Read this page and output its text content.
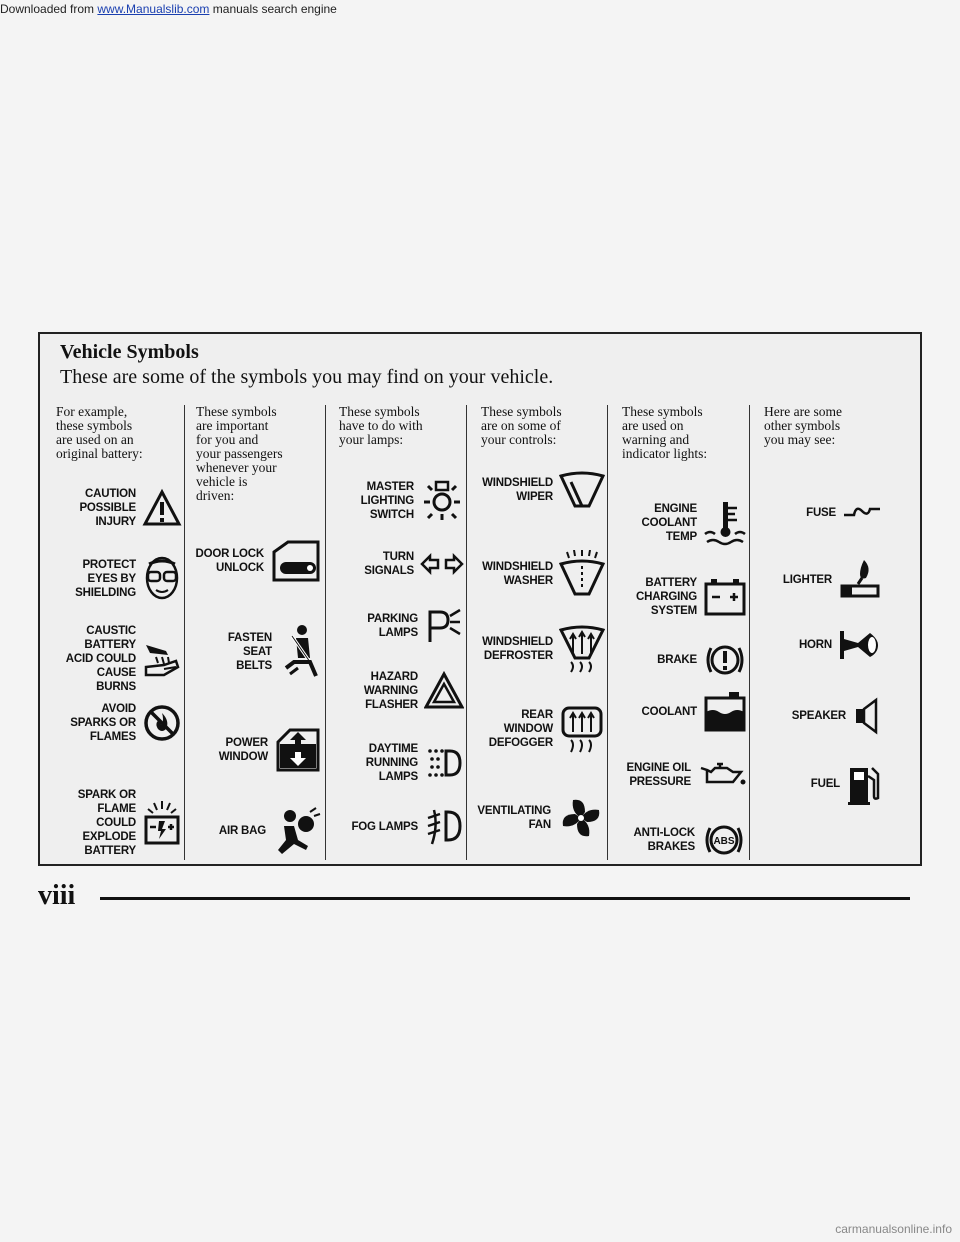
Downloaded from www.Manualslib.com manuals search engine
Vehicle Symbols
These are some of the symbols you may find on your vehicle.
For example,
these symbols
are used on an
original battery:
CAUTION
POSSIBLE
INJURY
PROTECT
EYES BY
SHIELDING
CAUSTIC
BATTERY
ACID COULD
CAUSE
BURNS
AVOID
SPARKS OR
FLAMES
SPARK OR
FLAME
COULD
EXPLODE
BATTERY
These symbols
are important
for you and
your passengers
whenever your
vehicle is
driven:
DOOR LOCK
UNLOCK
FASTEN
SEAT
BELTS
POWER
WINDOW
AIR BAG
These symbols
have to do with
your lamps:
MASTER
LIGHTING
SWITCH
TURN
SIGNALS
PARKING
LAMPS
HAZARD
WARNING
FLASHER
DAYTIME
RUNNING
LAMPS
FOG LAMPS
These symbols
are on some of
your controls:
WINDSHIELD
WIPER
WINDSHIELD
WASHER
WINDSHIELD
DEFROSTER
REAR
WINDOW
DEFOGGER
VENTILATING
FAN
These symbols
are used on
warning and
indicator lights:
ENGINE
COOLANT
TEMP
BATTERY
CHARGING
SYSTEM
BRAKE
COOLANT
ENGINE OIL
PRESSURE
ANTI-LOCK
BRAKES ABS
Here are some
other symbols
you may see:
FUSE
LIGHTER
HORN
SPEAKER
FUEL
viii
carmanualsonline.info
